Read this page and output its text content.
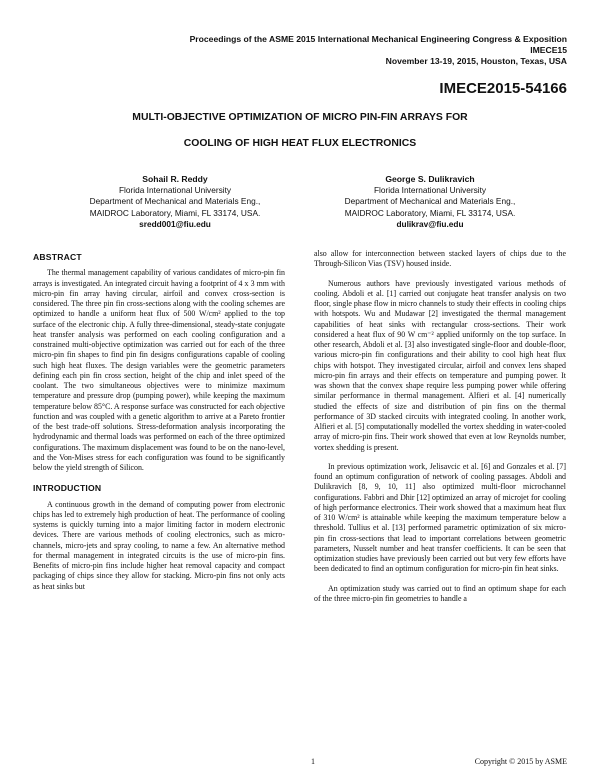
Proceedings of the ASME 2015 International Mechanical Engineering Congress & Exposition
IMECE15
November 13-19, 2015, Houston, Texas, USA
IMECE2015-54166
MULTI-OBJECTIVE OPTIMIZATION OF MICRO PIN-FIN ARRAYS FOR
COOLING OF HIGH HEAT FLUX ELECTRONICS
Sohail R. Reddy
Florida International University
Department of Mechanical and Materials Eng.,
MAIDROC Laboratory, Miami, FL 33174, USA.
sredd001@fiu.edu
George S. Dulikravich
Florida International University
Department of Mechanical and Materials Eng.,
MAIDROC Laboratory, Miami, FL 33174, USA.
dulikrav@fiu.edu
ABSTRACT

The thermal management capability of various candidates of micro-pin fin arrays is investigated. An integrated circuit having a footprint of 4 x 3 mm with micro-pin fin array having circular, airfoil and convex cross-section is considered. The three pin fin cross-sections along with the cooling schemes are optimized to handle a uniform heat flux of 500 W/cm² applied to the top surface of the electronic chip. A fully three-dimensional, steady-state conjugate heat transfer analysis was performed on each cooling configuration and a constrained multi-objective optimization was carried out for each of the three micro-pin fin shapes to find pin fin designs configurations capable of cooling such high heat fluxes. The design variables were the geometric parameters defining each pin fin cross section, height of the chip and inlet speed of the coolant. The two simultaneous objectives were to minimize maximum temperature and pressure drop (pumping power), while keeping the maximum temperature below 85°C. A response surface was constructed for each objective function and was coupled with a genetic algorithm to arrive at a Pareto frontier of the best trade-off solutions. Stress-deformation analysis incorporating the hydrodynamic and thermal loads was performed on each of the three optimized configurations. The maximum displacement was found to be on the nano-level, and the Von-Mises stress for each configuration was found to be significantly below the yield strength of Silicon.

INTRODUCTION

A continuous growth in the demand of computing power from electronic chips has led to extremely high production of heat. The performance of cooling systems is quickly turning into a major limiting factor in modern electronic devices. There are various methods of cooling electronics, such as micro-channels, micro-jets and spray cooling, to name a few. An alternative method for thermal management in integrated circuits is the use of micro-pin fins. Benefits of micro-pin fins include higher heat removal capacity and compact packaging of chips since they allow for stacking. Micro-pin fins not only acts as heat sinks but

also allow for interconnection between stacked layers of chips due to the Through-Silicon Vias (TSV) housed inside.

Numerous authors have previously investigated various methods of cooling. Abdoli et al. [1] carried out conjugate heat transfer analysis on two floor, single phase flow in micro channels to study their effects in cooling chips with hotspots. Wu and Mudawar [2] investigated the thermal management capabilities of heat sinks with rectangular cross-sections. Their work considered a heat flux of 90 W cm⁻² applied uniformly on the top surface. In other research, Abdoli et al. [3] also investigated single-floor and double-floor, various micro-pin fin configurations and their ability to cool high heat flux chips with hotspot. They investigated circular, airfoil and convex lens shaped micro-pin fin arrays and their effects on temperature and pumping power. It was shown that the convex shape require less pumping power while offering similar performance in thermal management. Alfieri et al. [4] numerically studied the effects of size and distribution of pin fins on the thermal performance of 3D stacked circuits with integrated cooling. In another work, Alfieri et al. [5] computationally modelled the vortex shedding in water-cooled array of micro-pin fins. Their work showed that even at low Reynolds number, vortex shedding is present.

In previous optimization work, Jelisavcic et al. [6] and Gonzales et al. [7] found an optimum configuration of network of cooling passages. Abdoli and Dulikravich [8, 9, 10, 11] also optimized multi-floor microchannel configurations. Fabbri and Dhir [12] optimized an array of microjet for cooling of high performance electronics. Their work showed that a maximum heat flux of 310 W/cm² is attainable while keeping the maximum temperature below a threshold. Tullius et al. [13] performed parametric optimization of six micro-pin fin cross-sections that lead to important correlations between geometric parameters, Nusselt number and heat transfer coefficients. It can be seen that optimization studies have previously been carried out but very few efforts have been dedicated to find an optimum configuration for micro-pin fin heat sinks.

An optimization study was carried out to find an optimum shape for each of the three micro-pin fin geometries to handle a

1	Copyright © 2015 by ASME
